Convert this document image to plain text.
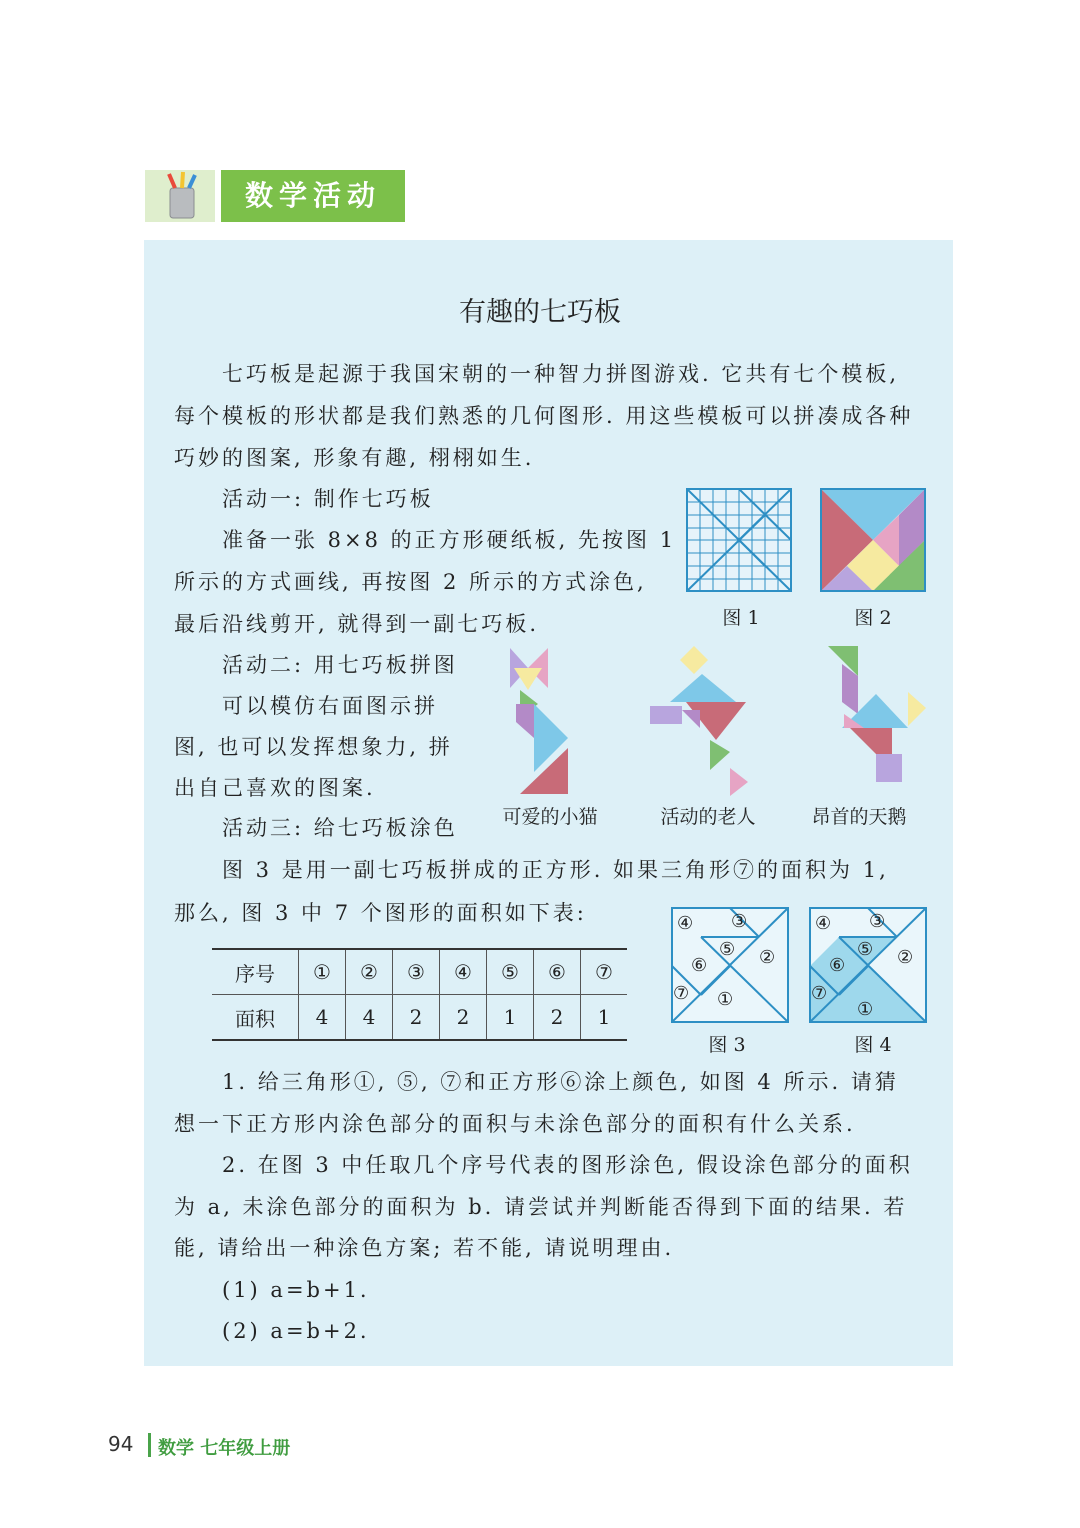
数学活动
有趣的七巧板

七巧板是起源于我国宋朝的一种智力拼图游戏. 它共有七个模板,

每个模板的形状都是我们熟悉的几何图形. 用这些模板可以拼凑成各种

巧妙的图案, 形象有趣, 栩栩如生.

活动一: 制作七巧板

准备一张 8×8 的正方形硬纸板, 先按图 1

所示的方式画线, 再按图 2 所示的方式涂色,

最后沿线剪开, 就得到一副七巧板.

活动二: 用七巧板拼图

可以模仿右面图示拼

图, 也可以发挥想象力, 拼

出自己喜欢的图案.

活动三: 给七巧板涂色

图 3 是用一副七巧板拼成的正方形. 如果三角形⑦的面积为 1,

那么, 图 3 中 7 个图形的面积如下表:

图 1	图 2
可爱的小猫	活动的老人	昂首的天鹅
序号	①	②	③	④	⑤	⑥	⑦
面积	4	4	2	2	1	2	1
④ ③
⑤ ②
⑥
⑦ ①
图 3
④ ③
⑤ ②
⑥
⑦
①
图 4

1. 给三角形①, ⑤, ⑦和正方形⑥涂上颜色, 如图 4 所示. 请猜

想一下正方形内涂色部分的面积与未涂色部分的面积有什么关系.

2. 在图 3 中任取几个序号代表的图形涂色, 假设涂色部分的面积

为 a, 未涂色部分的面积为 b. 请尝试并判断能否得到下面的结果. 若

能, 请给出一种涂色方案; 若不能, 请说明理由.

(1) a=b+1.

(2) a=b+2.

94 数学 七年级上册
